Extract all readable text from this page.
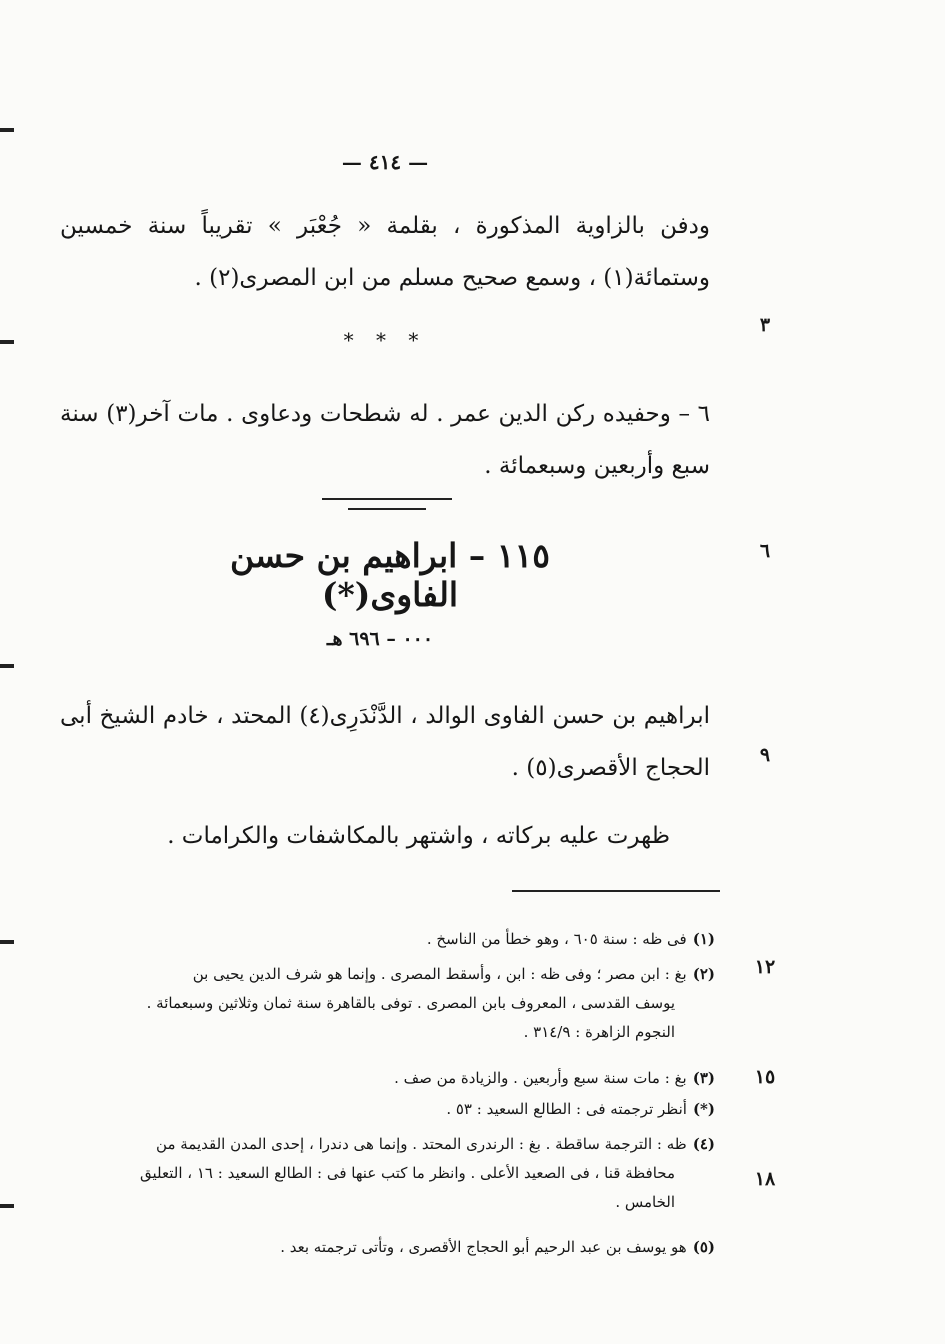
— ٤١٤ —
ودفن بالزاوية المذكورة ، بقلمة « جُعْبَر » تقريباً سنة خمسين وستمائة(١) ، وسمع صحيح مسلم من ابن المصرى(٢) .
* * *
٦ – وحفيده ركن الدين عمر . له شطحات ودعاوى . مات آخر(٣) سنة سبع وأربعين وسبعمائة .
١١٥ – ابراهيم بن حسن الفاوى(*)
٠٠٠ – ٦٩٦ هـ
ابراهيم بن حسن الفاوى الوالد ، الدَّنْدَرِى(٤) المحتد ، خادم الشيخ أبى الحجاج الأقصرى(٥) .
ظهرت عليه بركاته ، واشتهر بالمكاشفات والكرامات .
(١)فى ظه : سنة ٦٠٥ ، وهو خطأ من الناسخ .
(٢)بغ : ابن مصر ؛ وفى ظه : ابن ، وأسقط المصرى . وإنما هو شرف الدين يحيى بن
يوسف القدسى ، المعروف بابن المصرى . توفى بالقاهرة سنة ثمان وثلاثين وسبعمائة .
النجوم الزاهرة : ٣١٤/٩ .
(٣)بغ : مات سنة سبع وأربعين . والزيادة من صف .
(*)أنظر ترجمته فى : الطالع السعيد : ٥٣ .
(٤)ظه : الترجمة ساقطة . بغ : الرندرى المحتد . وإنما هى دندرا ، إحدى المدن القديمة من
محافظة قنا ، فى الصعيد الأعلى . وانظر ما كتب عنها فى : الطالع السعيد : ١٦ ، التعليق
الخامس .
(٥)هو يوسف بن عبد الرحيم أبو الحجاج الأقصرى ، وتأتى ترجمته بعد .
٣
٦
٩
١٢
١٥
١٨
